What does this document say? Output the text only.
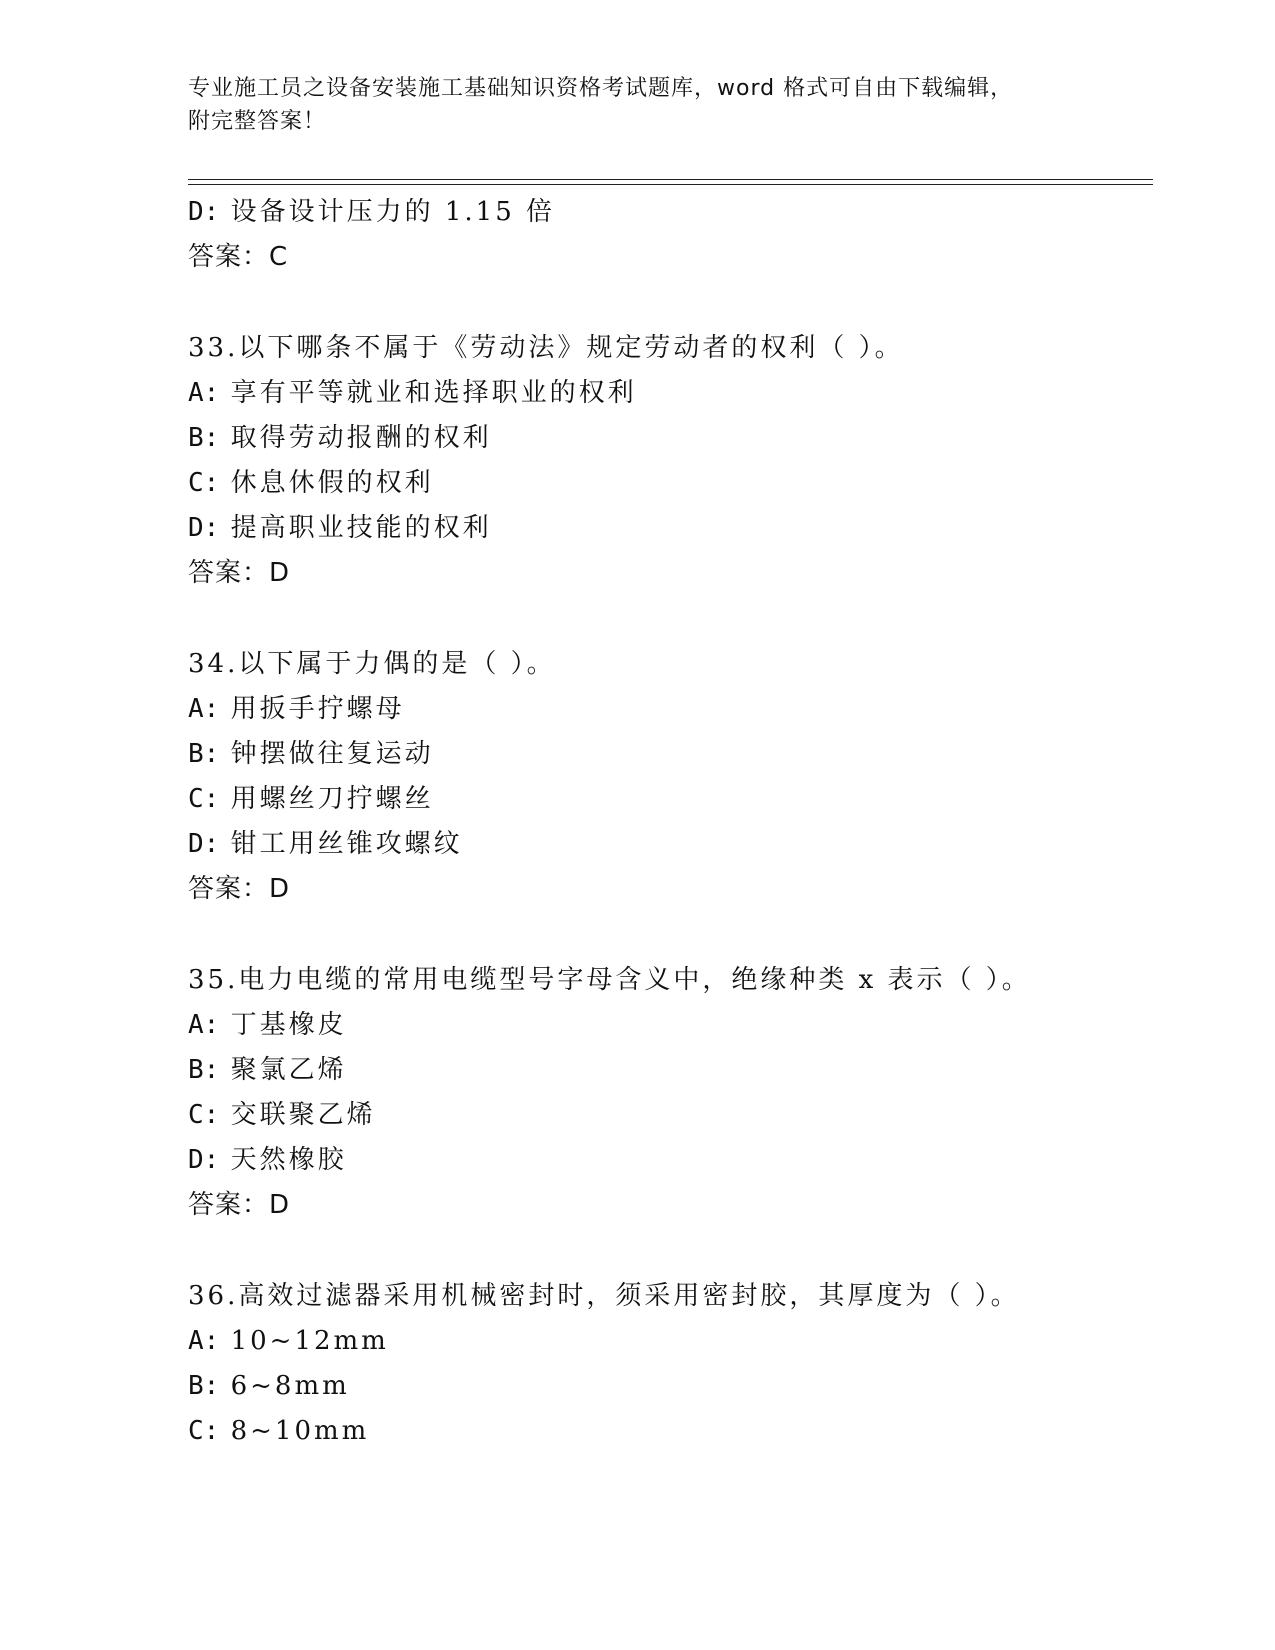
专业施工员之设备安装施工基础知识资格考试题库，word 格式可自由下载编辑，
附完整答案！
D: 设备设计压力的 1.15 倍
答案：C
33.以下哪条不属于《劳动法》规定劳动者的权利（ ）。
A: 享有平等就业和选择职业的权利
B: 取得劳动报酬的权利
C: 休息休假的权利
D: 提高职业技能的权利
答案：D
34.以下属于力偶的是（ ）。
A: 用扳手拧螺母
B: 钟摆做往复运动
C: 用螺丝刀拧螺丝
D: 钳工用丝锥攻螺纹
答案：D
35.电力电缆的常用电缆型号字母含义中，绝缘种类 x 表示（ ）。
A: 丁基橡皮
B: 聚氯乙烯
C: 交联聚乙烯
D: 天然橡胶
答案：D
36.高效过滤器采用机械密封时，须采用密封胶，其厚度为（ ）。
A: 10~12mm
B: 6~8mm
C: 8~10mm
